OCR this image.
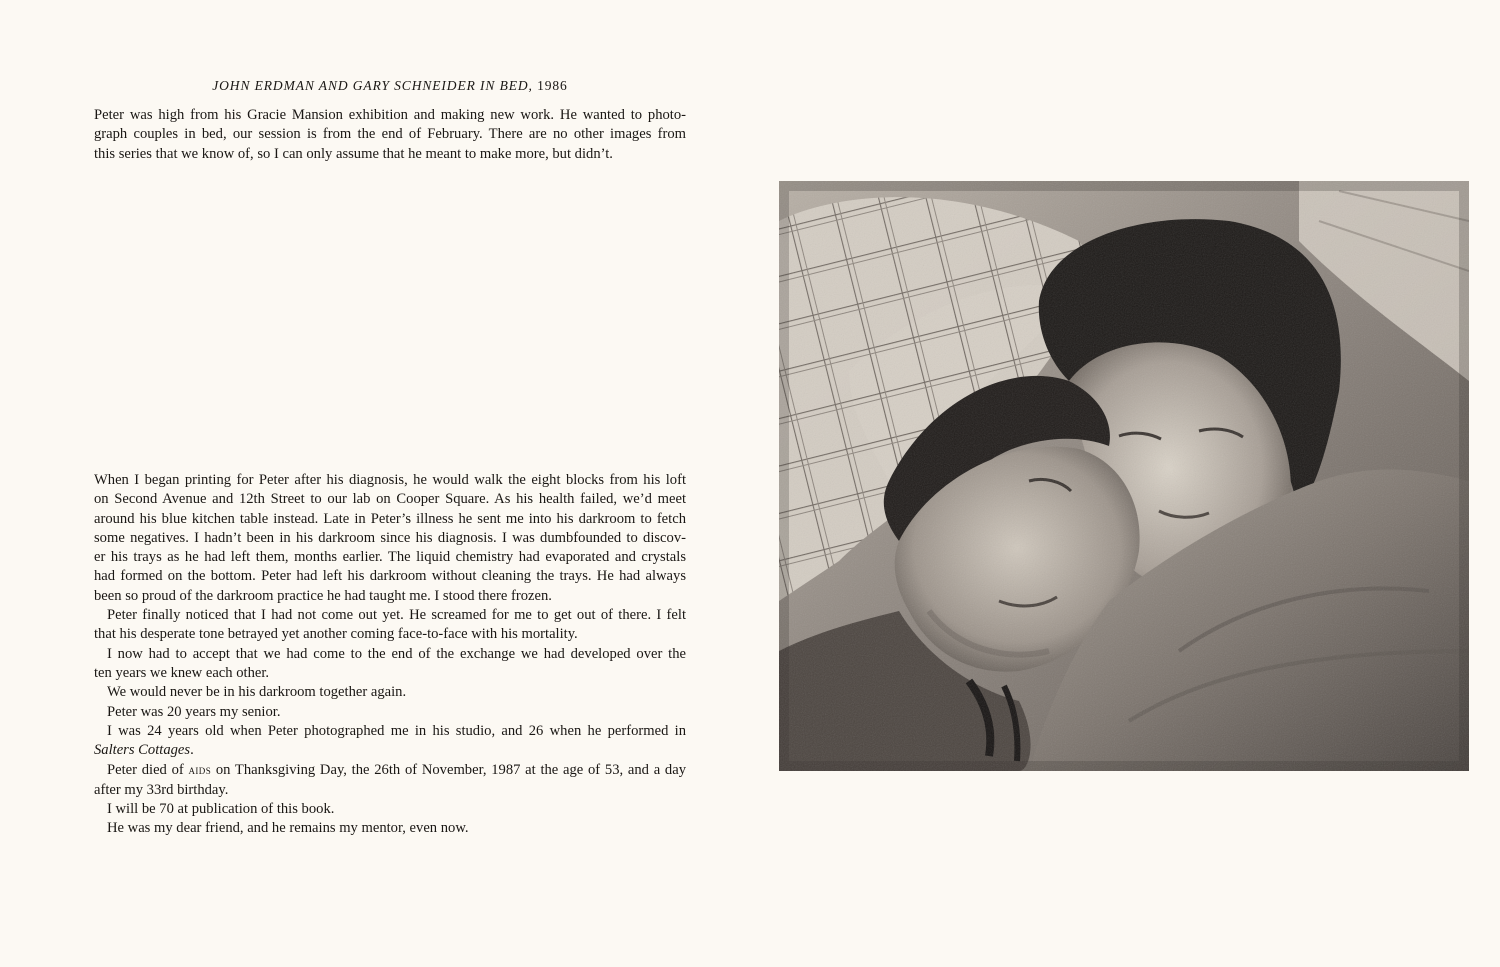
JOHN ERDMAN AND GARY SCHNEIDER IN BED, 1986

Peter was high from his Gracie Mansion exhibition and making new work. He wanted to photo-
graph couples in bed, our session is from the end of February. There are no other images from
this series that we know of, so I can only assume that he meant to make more, but didn’t.

When I began printing for Peter after his diagnosis, he would walk the eight blocks from his loft
on Second Avenue and 12th Street to our lab on Cooper Square. As his health failed, we’d meet
around his blue kitchen table instead. Late in Peter’s illness he sent me into his darkroom to fetch
some negatives. I hadn’t been in his darkroom since his diagnosis. I was dumbfounded to discov-
er his trays as he had left them, months earlier. The liquid chemistry had evaporated and crystals
had formed on the bottom. Peter had left his darkroom without cleaning the trays. He had always
been so proud of the darkroom practice he had taught me. I stood there frozen.
Peter finally noticed that I had not come out yet. He screamed for me to get out of there. I felt
that his desperate tone betrayed yet another coming face-to-face with his mortality.
I now had to accept that we had come to the end of the exchange we had developed over the
ten years we knew each other.
We would never be in his darkroom together again.
Peter was 20 years my senior.
I was 24 years old when Peter photographed me in his studio, and 26 when he performed in
Salters Cottages.
Peter died of aids on Thanksgiving Day, the 26th of November, 1987 at the age of 53, and a day
after my 33rd birthday.
I will be 70 at publication of this book.
He was my dear friend, and he remains my mentor, even now.
